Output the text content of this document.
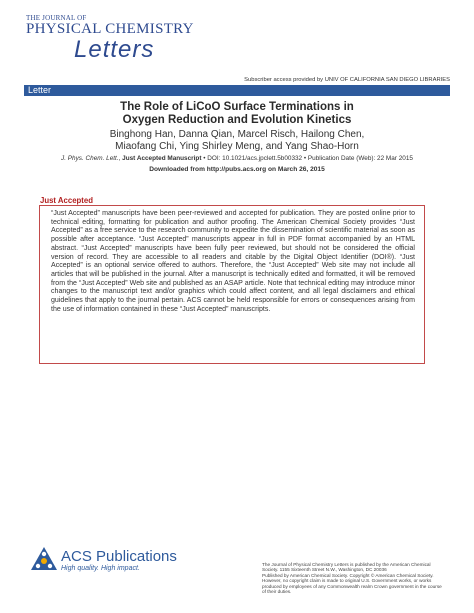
THE JOURNAL OF
PHYSICAL CHEMISTRY
Letters
Subscriber access provided by UNIV OF CALIFORNIA SAN DIEGO LIBRARIES
Letter
The Role of LiCoO Surface Terminations in
Oxygen Reduction and Evolution Kinetics
Binghong Han, Danna Qian, Marcel Risch, Hailong Chen,
Miaofang Chi, Ying Shirley Meng, and Yang Shao-Horn
J. Phys. Chem. Lett., Just Accepted Manuscript • DOI: 10.1021/acs.jpclett.5b00332 • Publication Date (Web): 22 Mar 2015
Downloaded from http://pubs.acs.org on March 26, 2015
Just Accepted

“Just Accepted” manuscripts have been peer-reviewed and accepted for publication. They are posted online prior to technical editing, formatting for publication and author proofing. The American Chemical Society provides “Just Accepted” as a free service to the research community to expedite the dissemination of scientific material as soon as possible after acceptance. “Just Accepted” manuscripts appear in full in PDF format accompanied by an HTML abstract. “Just Accepted” manuscripts have been fully peer reviewed, but should not be considered the official version of record. They are accessible to all readers and citable by the Digital Object Identifier (DOI®). “Just Accepted” is an optional service offered to authors. Therefore, the “Just Accepted” Web site may not include all articles that will be published in the journal. After a manuscript is technically edited and formatted, it will be removed from the “Just Accepted” Web site and published as an ASAP article. Note that technical editing may introduce minor changes to the manuscript text and/or graphics which could affect content, and all legal disclaimers and ethical guidelines that apply to the journal pertain. ACS cannot be held responsible for errors or consequences arising from the use of information contained in these “Just Accepted” manuscripts.

ACS Publications
High quality. High impact.
The Journal of Physical Chemistry Letters is published by the American Chemical
Society. 1155 Sixteenth Street N.W., Washington, DC 20036
Published by American Chemical Society. Copyright © American Chemical Society.
However, no copyright claim is made to original U.S. Government works, or works
produced by employees of any Commonwealth realm Crown government in the course
of their duties.
